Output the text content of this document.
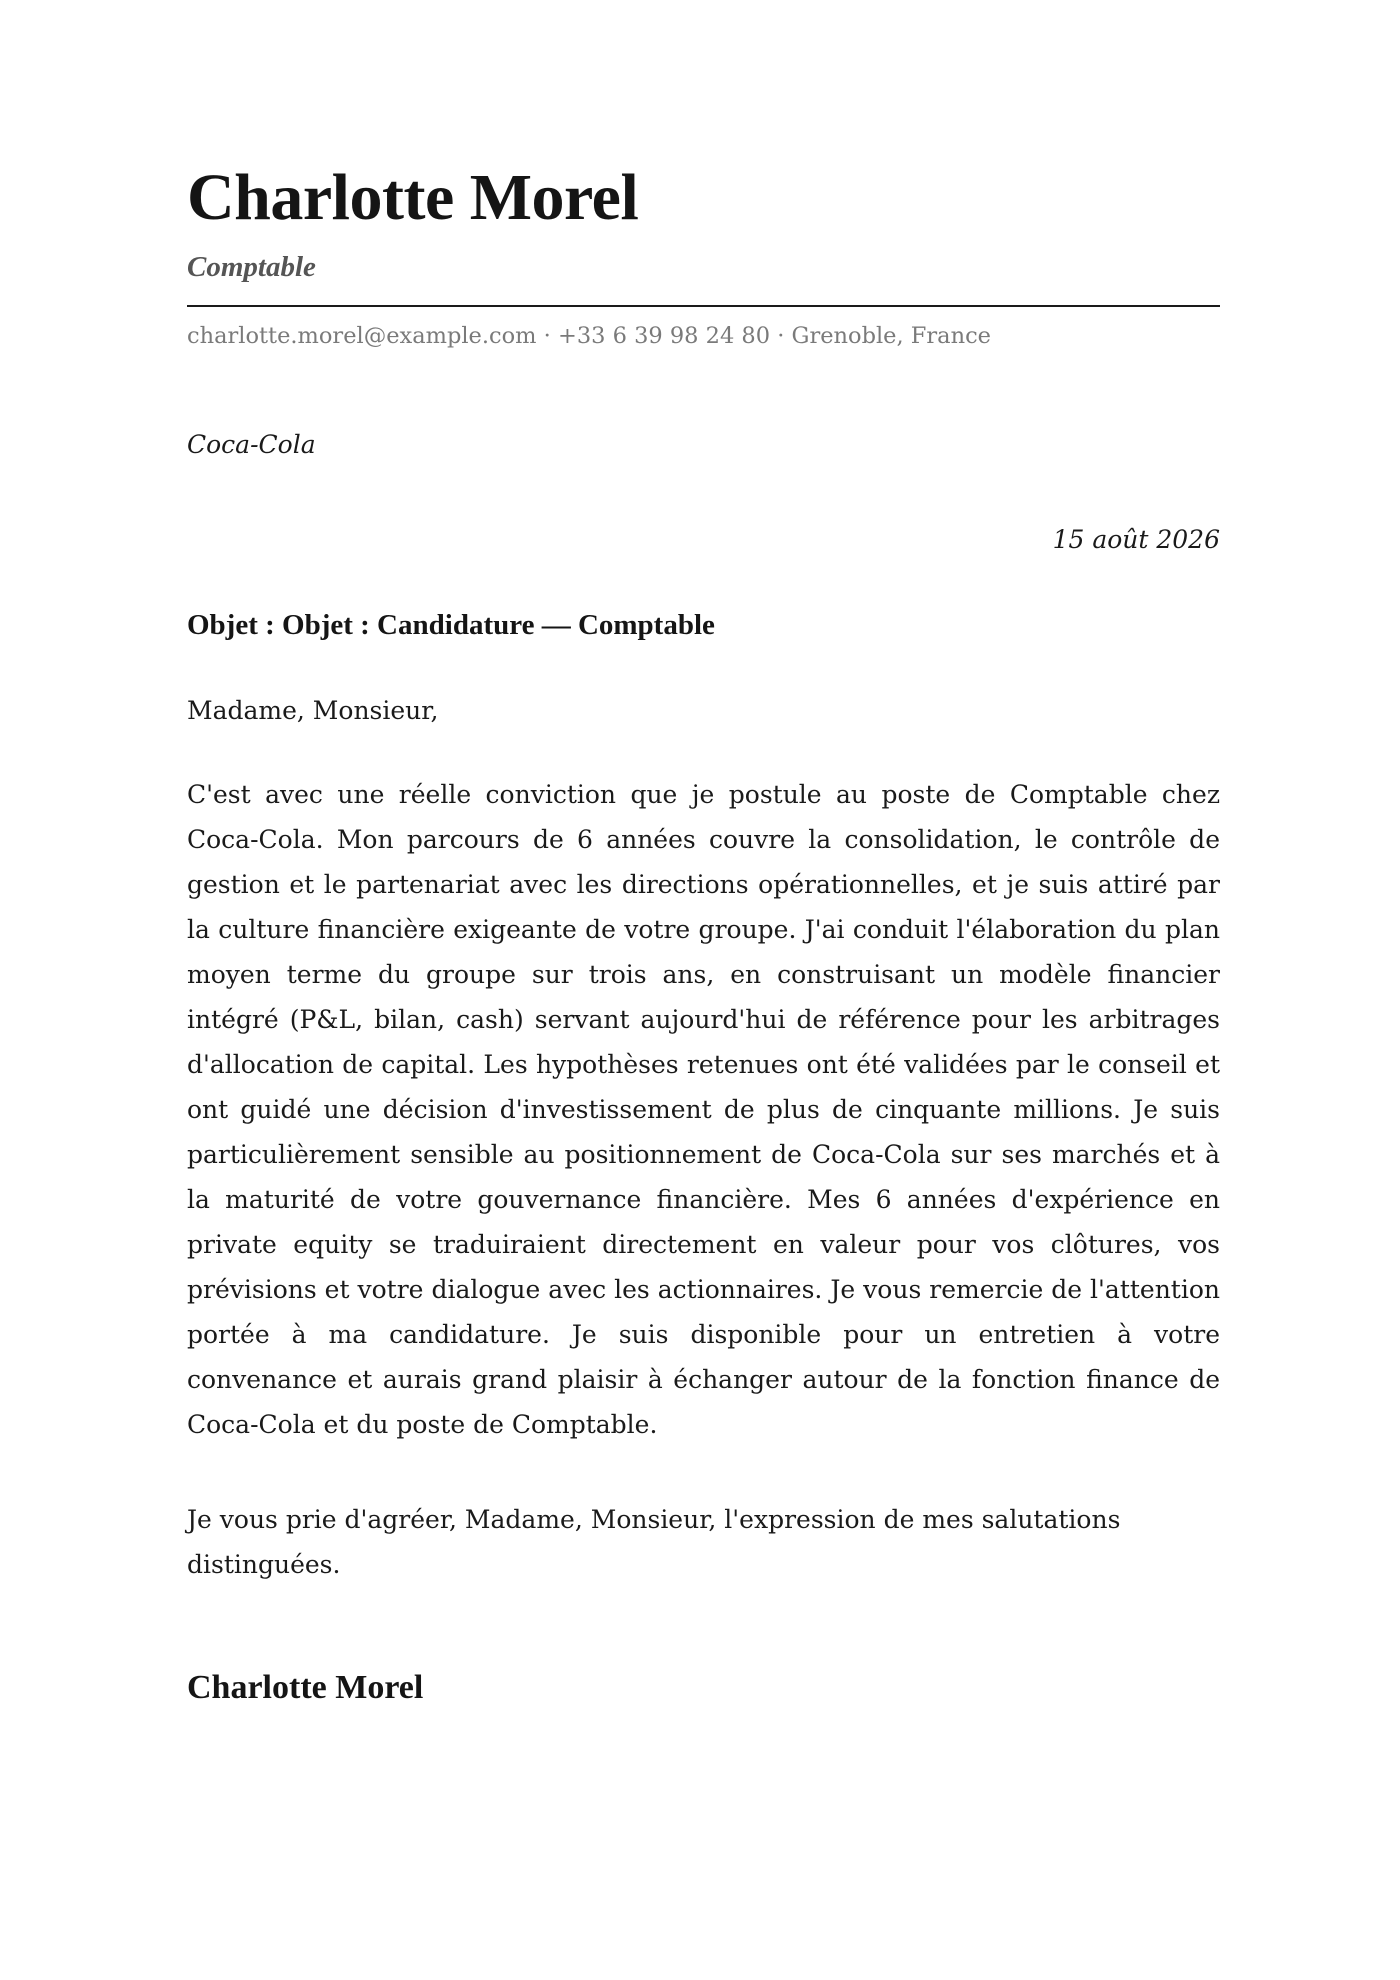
Charlotte Morel
Comptable
charlotte.morel@example.com · +33 6 39 98 24 80 · Grenoble, France
Coca-Cola
15 août 2026
Objet : Objet : Candidature — Comptable
Madame, Monsieur,

C'est avec une réelle conviction que je postule au poste de Comptable chez Coca-Cola. Mon parcours de 6 années couvre la consolidation, le contrôle de gestion et le partenariat avec les directions opérationnelles, et je suis attiré par la culture financière exigeante de votre groupe. J'ai conduit l'élaboration du plan moyen terme du groupe sur trois ans, en construisant un modèle financier intégré (P&L, bilan, cash) servant aujourd'hui de référence pour les arbitrages d'allocation de capital. Les hypothèses retenues ont été validées par le conseil et ont guidé une décision d'investissement de plus de cinquante millions. Je suis particulièrement sensible au positionnement de Coca-Cola sur ses marchés et à la maturité de votre gouvernance financière. Mes 6 années d'expérience en private equity se traduiraient directement en valeur pour vos clôtures, vos prévisions et votre dialogue avec les actionnaires. Je vous remercie de l'attention portée à ma candidature. Je suis disponible pour un entretien à votre convenance et aurais grand plaisir à échanger autour de la fonction finance de Coca-Cola et du poste de Comptable.

Je vous prie d'agréer, Madame, Monsieur, l'expression de mes salutations distinguées.

Charlotte Morel
